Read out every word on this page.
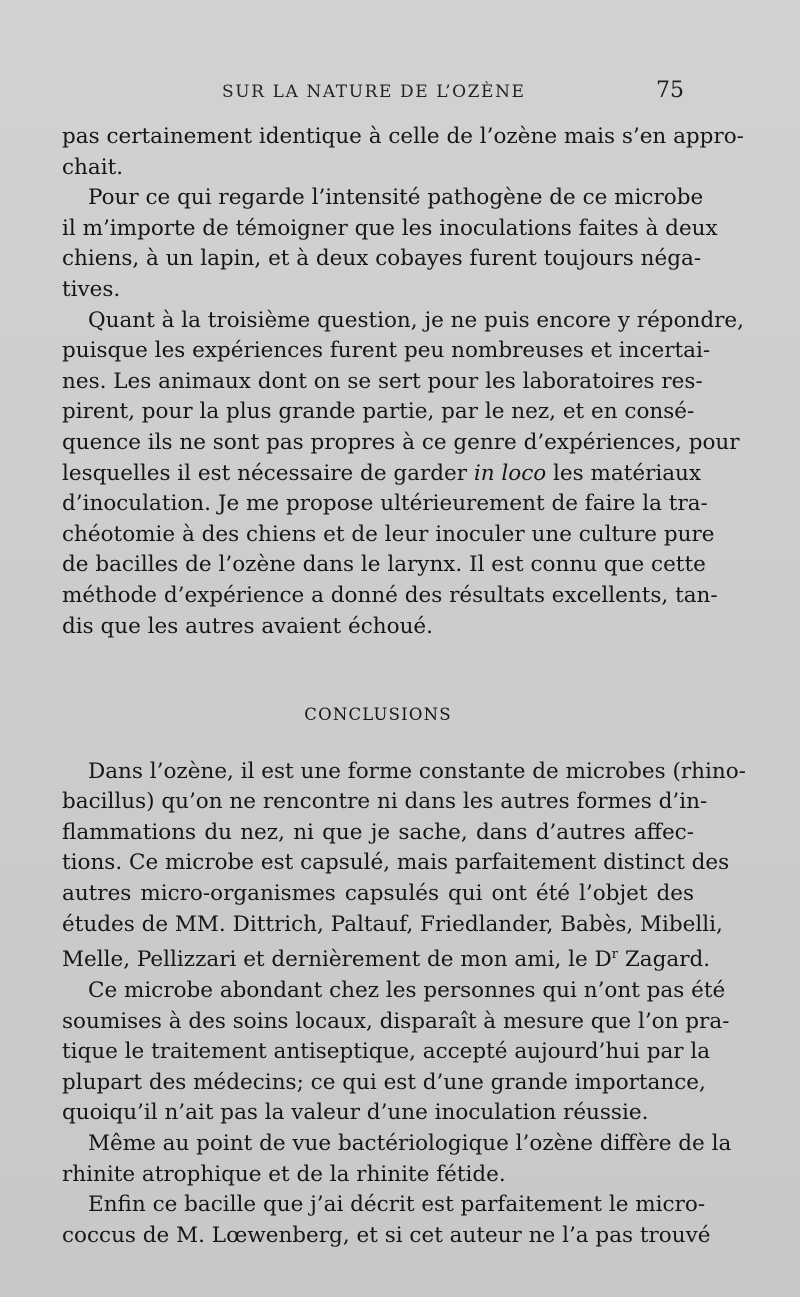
SUR LA NATURE DE L’OZÈNE	75

pas certainement identique à celle de l’ozène mais s’en appro-
chait.

Pour ce qui regarde l’intensité pathogène de ce microbe
il m’importe de témoigner que les inoculations faites à deux
chiens, à un lapin, et à deux cobayes furent toujours néga-
tives.

Quant à la troisième question, je ne puis encore y répondre,
puisque les expériences furent peu nombreuses et incertai-
nes. Les animaux dont on se sert pour les laboratoires res-
pirent, pour la plus grande partie, par le nez, et en consé-
quence ils ne sont pas propres à ce genre d’expériences, pour
lesquelles il est nécessaire de garder in loco les matériaux
d’inoculation. Je me propose ultérieurement de faire la tra-
chéotomie à des chiens et de leur inoculer une culture pure
de bacilles de l’ozène dans le larynx. Il est connu que cette
méthode d’expérience a donné des résultats excellents, tan-
dis que les autres avaient échoué.

CONCLUSIONS

Dans l’ozène, il est une forme constante de microbes (rhino-
bacillus) qu’on ne rencontre ni dans les autres formes d’in-
flammations du nez, ni que je sache, dans d’autres affec-
tions. Ce microbe est capsulé, mais parfaitement distinct des
autres micro-organismes capsulés qui ont été l’objet des
études de MM. Dittrich, Paltauf, Friedlander, Babès, Mibelli,
Melle, Pellizzari et dernièrement de mon ami, le $D^r$ Zagard.

Ce microbe abondant chez les personnes qui n’ont pas été
soumises à des soins locaux, disparaît à mesure que l’on pra-
tique le traitement antiseptique, accepté aujourd’hui par la
plupart des médecins; ce qui est d’une grande importance,
quoiqu’il n’ait pas la valeur d’une inoculation réussie.

Même au point de vue bactériologique l’ozène diffère de la
rhinite atrophique et de la rhinite fétide.

Enfin ce bacille que j’ai décrit est parfaitement le micro-
coccus de M. Lœwenberg, et si cet auteur ne l’a pas trouvé
